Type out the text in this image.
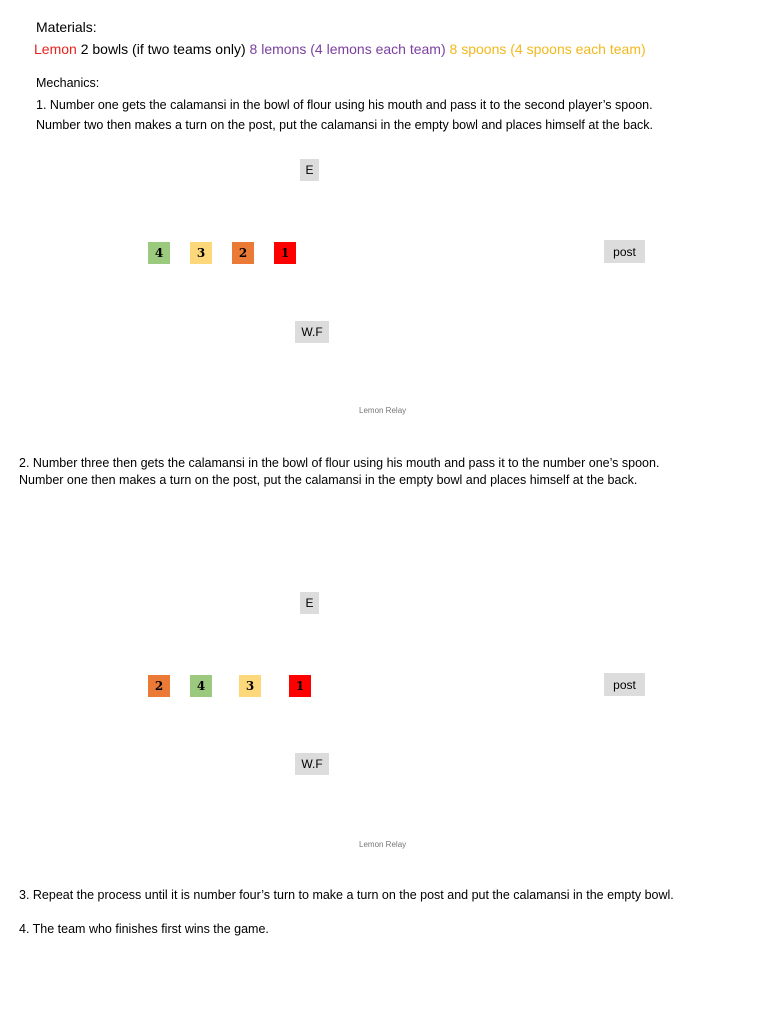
Materials:
Lemon 2 bowls (if two teams only) 8 lemons (4 lemons each team) 8 spoons (4 spoons each team)
Mechanics:
1. Number one gets the calamansi in the bowl of flour using his mouth and pass it to the second player’s spoon.
Number two then makes a turn on the post, put the calamansi in the empty bowl and places himself at the back.
E
4	3	2	1	post
W.F
Lemon Relay
2. Number three then gets the calamansi in the bowl of flour using his mouth and pass it to the number one’s spoon.
Number one then makes a turn on the post, put the calamansi in the empty bowl and places himself at the back.
E
2	4	3	1	post
W.F
Lemon Relay
3. Repeat the process until it is number four’s turn to make a turn on the post and put the calamansi in the empty bowl.
4. The team who finishes first wins the game.
